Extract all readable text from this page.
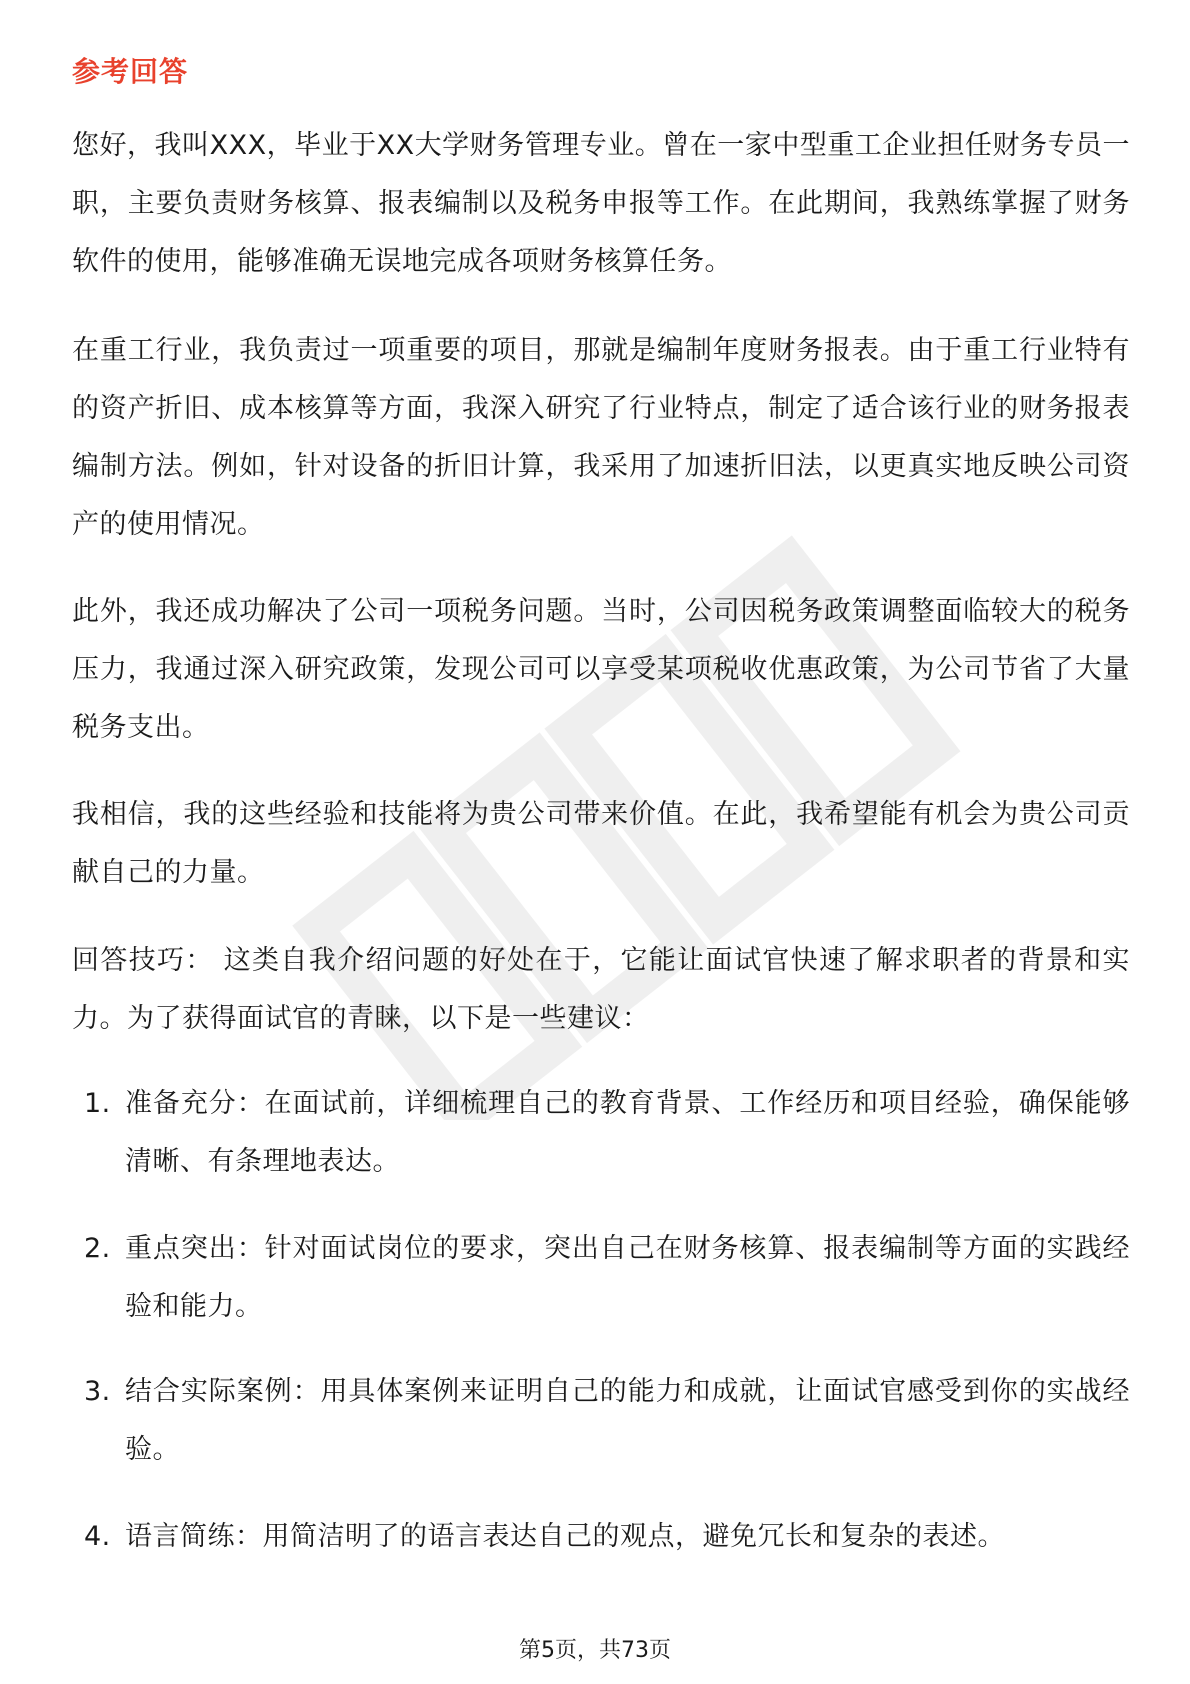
参考回答

您好，我叫XXX，毕业于XX大学财务管理专业。曾在一家中型重工企业担任财务专员一职，主要负责财务核算、报表编制以及税务申报等工作。在此期间，我熟练掌握了财务软件的使用，能够准确无误地完成各项财务核算任务。

在重工行业，我负责过一项重要的项目，那就是编制年度财务报表。由于重工行业特有的资产折旧、成本核算等方面，我深入研究了行业特点，制定了适合该行业的财务报表编制方法。例如，针对设备的折旧计算，我采用了加速折旧法，以更真实地反映公司资产的使用情况。

此外，我还成功解决了公司一项税务问题。当时，公司因税务政策调整面临较大的税务压力，我通过深入研究政策，发现公司可以享受某项税收优惠政策，为公司节省了大量税务支出。

我相信，我的这些经验和技能将为贵公司带来价值。在此，我希望能有机会为贵公司贡献自己的力量。

回答技巧： 这类自我介绍问题的好处在于，它能让面试官快速了解求职者的背景和实力。为了获得面试官的青睐，以下是一些建议：

1. 准备充分：在面试前，详细梳理自己的教育背景、工作经历和项目经验，确保能够清晰、有条理地表达。
2. 重点突出：针对面试岗位的要求，突出自己在财务核算、报表编制等方面的实践经验和能力。
3. 结合实际案例：用具体案例来证明自己的能力和成就，让面试官感受到你的实战经验。
4. 语言简练：用简洁明了的语言表达自己的观点，避免冗长和复杂的表述。
第5页，共73页
